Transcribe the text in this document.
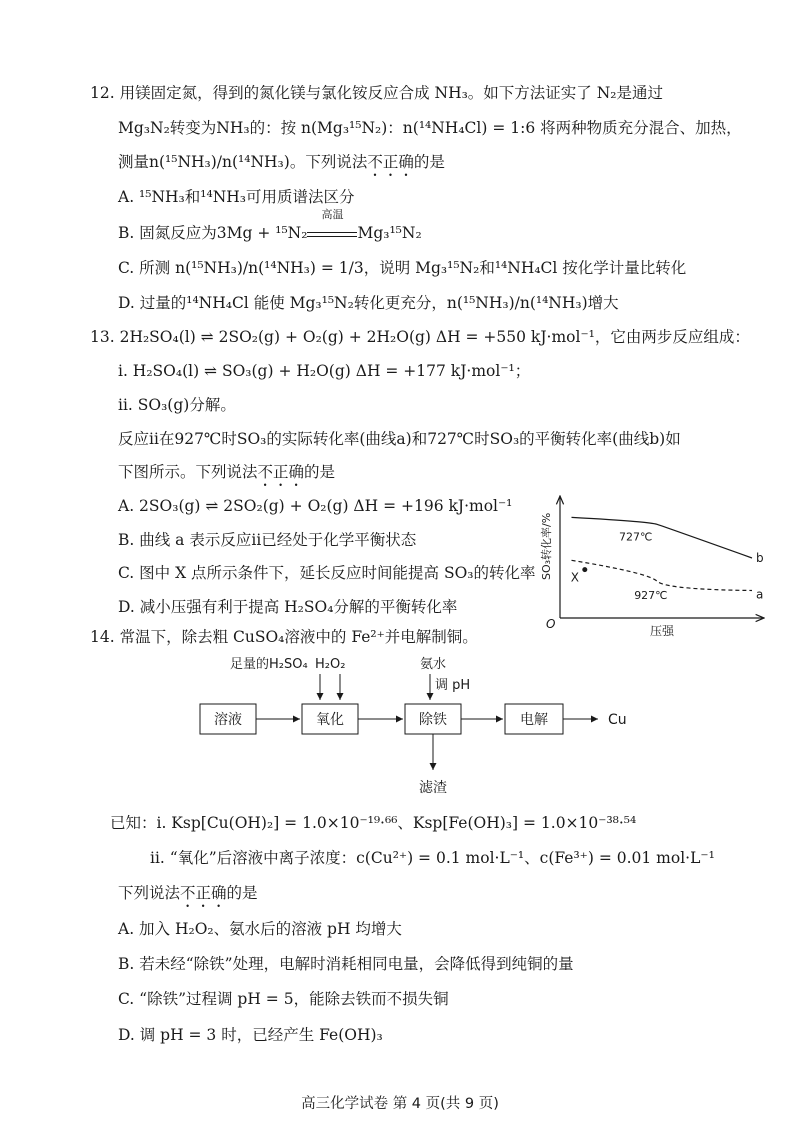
12. 用镁固定氮，得到的氮化镁与氯化铵反应合成 NH₃。如下方法证实了 N₂是通过
Mg₃N₂转变为NH₃的：按 n(Mg₃¹⁵N₂)：n(¹⁴NH₄Cl) = 1:6 将两种物质充分混合、加热，
测量n(¹⁵NH₃)/n(¹⁴NH₃)。下列说法不正确的是
A. ¹⁵NH₃和¹⁴NH₃可用质谱法区分
B. 固氮反应为3Mg + ¹⁵N₂
高温
Mg₃¹⁵N₂
C. 所测 n(¹⁵NH₃)/n(¹⁴NH₃) = 1/3，说明 Mg₃¹⁵N₂和¹⁴NH₄Cl 按化学计量比转化
D. 过量的¹⁴NH₄Cl 能使 Mg₃¹⁵N₂转化更充分，n(¹⁵NH₃)/n(¹⁴NH₃)增大
13. 2H₂SO₄(l) ⇌ 2SO₂(g) + O₂(g) + 2H₂O(g) ΔH = +550 kJ·mol⁻¹，它由两步反应组成：
ⅰ. H₂SO₄(l) ⇌ SO₃(g) + H₂O(g) ΔH = +177 kJ·mol⁻¹；
ⅱ. SO₃(g)分解。
反应ⅱ在927℃时SO₃的实际转化率(曲线a)和727℃时SO₃的平衡转化率(曲线b)如
下图所示。下列说法不正确的是
A. 2SO₃(g) ⇌ 2SO₂(g) + O₂(g) ΔH = +196 kJ·mol⁻¹
B. 曲线 a 表示反应ⅱ已经处于化学平衡状态
C. 图中 X 点所示条件下，延长反应时间能提高 SO₃的转化率
D. 减小压强有利于提高 H₂SO₄分解的平衡转化率
O
SO₃转化率/%
压强
X
b
a
727℃
927℃
14. 常温下，除去粗 CuSO₄溶液中的 Fe²⁺并电解制铜。
足量的H₂SO₄ H₂O₂	氨水
调 pH
溶液	氧化	除铁	电解	Cu
滤渣
已知：ⅰ. Ksp[Cu(OH)₂] = 1.0×10⁻¹⁹·⁶⁶、Ksp[Fe(OH)₃] = 1.0×10⁻³⁸·⁵⁴
ⅱ. “氧化”后溶液中离子浓度：c(Cu²⁺) = 0.1 mol·L⁻¹、c(Fe³⁺) = 0.01 mol·L⁻¹
下列说法不正确的是
A. 加入 H₂O₂、氨水后的溶液 pH 均增大
B. 若未经“除铁”处理，电解时消耗相同电量，会降低得到纯铜的量
C. “除铁”过程调 pH = 5，能除去铁而不损失铜
D. 调 pH = 3 时，已经产生 Fe(OH)₃
高三化学试卷 第 4 页(共 9 页)
